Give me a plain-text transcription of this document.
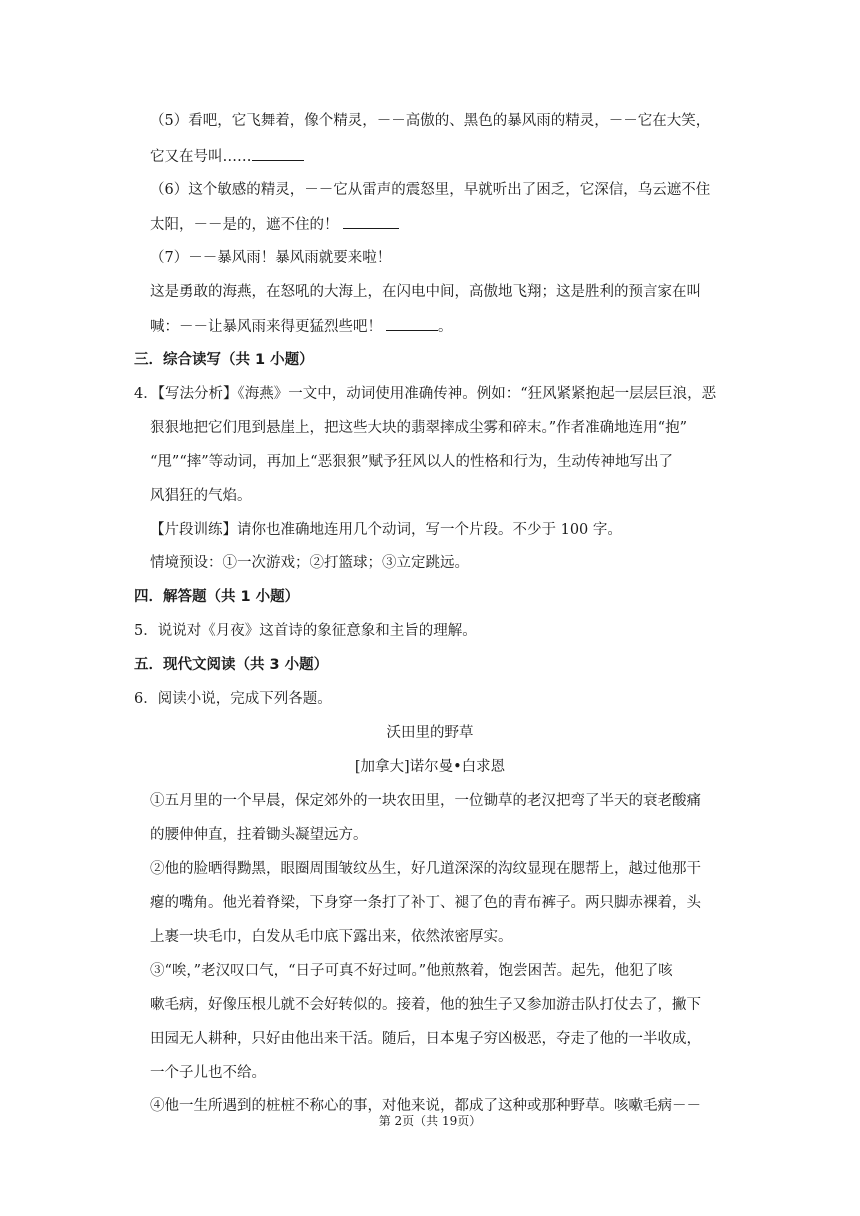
（5）看吧，它飞舞着，像个精灵，－－高傲的、黑色的暴风雨的精灵，－－它在大笑，
它又在号叫……
（6）这个敏感的精灵，－－它从雷声的震怒里，早就听出了困乏，它深信，乌云遮不住
太阳，－－是的，遮不住的！
（7）－－暴风雨！暴风雨就要来啦！
这是勇敢的海燕，在怒吼的大海上，在闪电中间，高傲地飞翔；这是胜利的预言家在叫
喊：－－让暴风雨来得更猛烈些吧！	。
三．综合读写（共 1 小题）
4．【写法分析】《海燕》一文中，动词使用准确传神。例如：“狂风紧紧抱起一层层巨浪，恶
狠狠地把它们甩到悬崖上，把这些大块的翡翠摔成尘雾和碎末。”作者准确地连用“抱”
“甩”“摔”等动词，再加上“恶狠狠”赋予狂风以人的性格和行为，生动传神地写出了
风猖狂的气焰。
【片段训练】请你也准确地连用几个动词，写一个片段。不少于 100 字。
情境预设：①一次游戏；②打篮球；③立定跳远。
四．解答题（共 1 小题）
5．说说对《月夜》这首诗的象征意象和主旨的理解。
五．现代文阅读（共 3 小题）
6．阅读小说，完成下列各题。
沃田里的野草
[加拿大]诺尔曼•白求恩
①五月里的一个早晨，保定郊外的一块农田里，一位锄草的老汉把弯了半天的衰老酸痛
的腰伸伸直，拄着锄头凝望远方。
②他的脸晒得黝黑，眼圈周围皱纹丛生，好几道深深的沟纹显现在腮帮上，越过他那干
瘪的嘴角。他光着脊梁，下身穿一条打了补丁、褪了色的青布裤子。两只脚赤裸着，头
上裹一块毛巾，白发从毛巾底下露出来，依然浓密厚实。
③“唉，”老汉叹口气，“日子可真不好过呵。”他煎熬着，饱尝困苦。起先，他犯了咳
嗽毛病，好像压根儿就不会好转似的。接着，他的独生子又参加游击队打仗去了，撇下
田园无人耕种，只好由他出来干活。随后，日本鬼子穷凶极恶，夺走了他的一半收成，
一个子儿也不给。
④他一生所遇到的桩桩不称心的事，对他来说，都成了这种或那种野草。咳嗽毛病－－
第 2页（共 19页）
